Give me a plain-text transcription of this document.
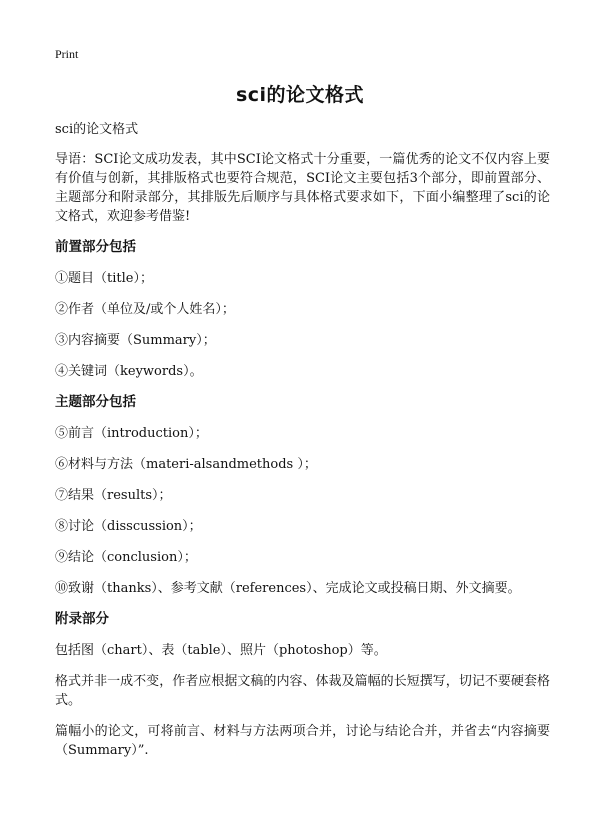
Print
sci的论文格式

sci的论文格式

导语：SCI论文成功发表，其中SCI论文格式十分重要，一篇优秀的论文不仅内容上要有价值与创新，其排版格式也要符合规范，SCI论文主要包括3个部分，即前置部分、主题部分和附录部分，其排版先后顺序与具体格式要求如下，下面小编整理了sci的论文格式，欢迎参考借鉴!

前置部分包括

①题目（title）；

②作者（单位及/或个人姓名）；

③内容摘要（Summary）；

④关键词（keywords）。

主题部分包括

⑤前言（introduction）；

⑥材料与方法（materi-alsandmethods ）；

⑦结果（results）；

⑧讨论（disscussion）；

⑨结论（conclusion）；

⑩致谢（thanks）、参考文献（references）、完成论文或投稿日期、外文摘要。

附录部分

包括图（chart）、表（table）、照片（photoshop）等。

格式并非一成不变，作者应根据文稿的内容、体裁及篇幅的长短撰写，切记不要硬套格式。

篇幅小的论文，可将前言、材料与方法两项合并，讨论与结论合并，并省去“内容摘要（Summary）”.
